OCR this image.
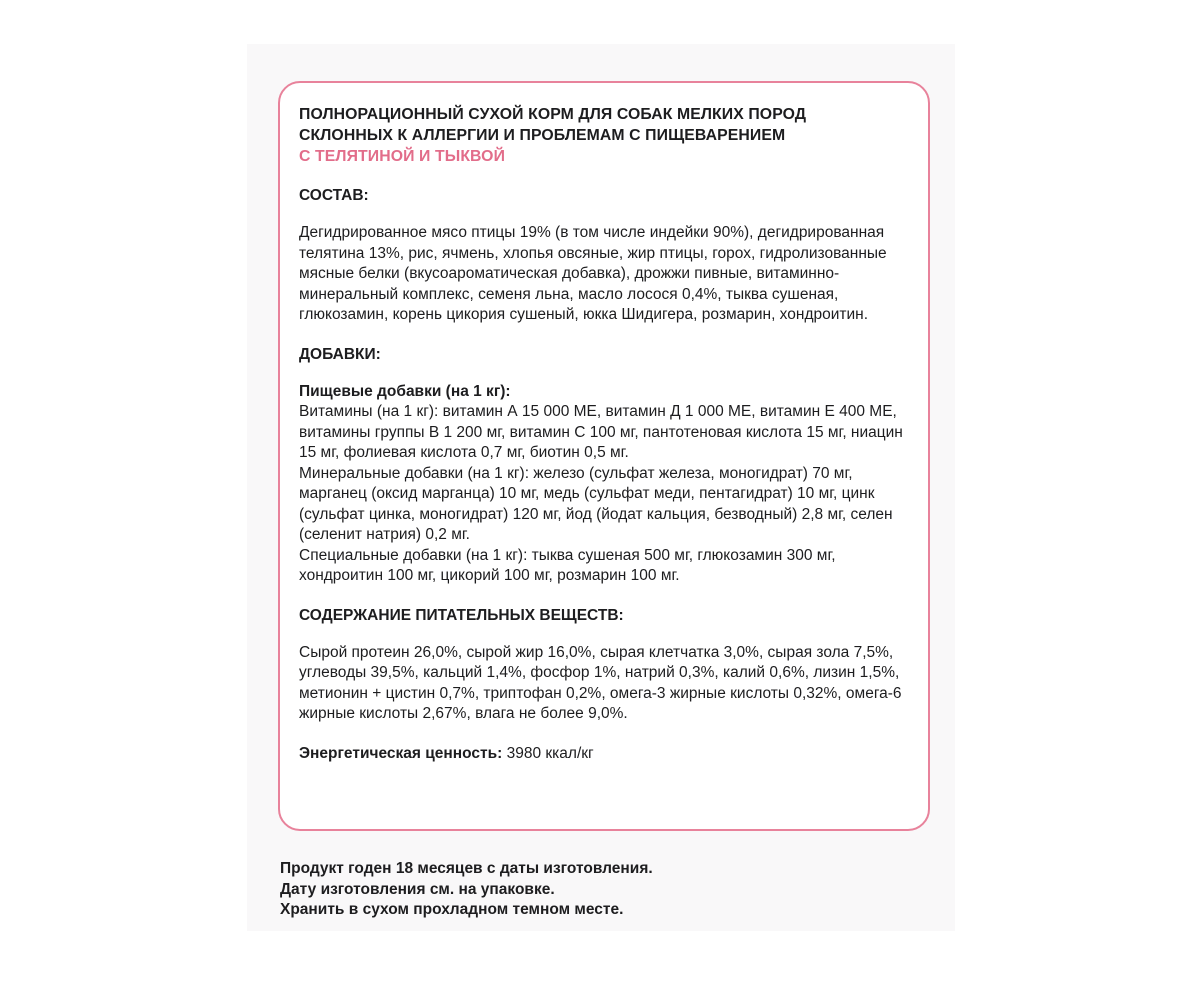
ПОЛНОРАЦИОННЫЙ СУХОЙ КОРМ ДЛЯ СОБАК МЕЛКИХ ПОРОД
СКЛОННЫХ К АЛЛЕРГИИ И ПРОБЛЕМАМ С ПИЩЕВАРЕНИЕМ
С ТЕЛЯТИНОЙ И ТЫКВОЙ

СОСТАВ:

Дегидрированное мясо птицы 19% (в том числе индейки 90%), дегидрированная телятина 13%, рис, ячмень, хлопья овсяные, жир птицы, горох, гидролизованные мясные белки (вкусоароматическая добавка), дрожжи пивные, витаминно-минеральный комплекс, семеня льна, масло лосося 0,4%, тыква сушеная, глюкозамин, корень цикория сушеный, юкка Шидигера, розмарин, хондроитин.

ДОБАВКИ:

Пищевые добавки (на 1 кг):

Витамины (на 1 кг): витамин А 15 000 МЕ, витамин Д 1 000 МЕ, витамин Е 400 МЕ, витамины группы В 1 200 мг, витамин С 100 мг, пантотеновая кислота 15 мг, ниацин 15 мг, фолиевая кислота 0,7 мг, биотин 0,5 мг.

Минеральные добавки (на 1 кг): железо (сульфат железа, моногидрат) 70 мг, марганец (оксид марганца) 10 мг, медь (сульфат меди, пентагидрат) 10 мг, цинк (сульфат цинка, моногидрат) 120 мг, йод (йодат кальция, безводный) 2,8 мг, селен (селенит натрия) 0,2 мг.

Специальные добавки (на 1 кг): тыква сушеная 500 мг, глюкозамин 300 мг, хондроитин 100 мг, цикорий 100 мг, розмарин 100 мг.

СОДЕРЖАНИЕ ПИТАТЕЛЬНЫХ ВЕЩЕСТВ:

Сырой протеин 26,0%, сырой жир 16,0%, сырая клетчатка 3,0%, сырая зола 7,5%, углеводы 39,5%, кальций 1,4%, фосфор 1%, натрий 0,3%, калий 0,6%, лизин 1,5%, метионин + цистин 0,7%, триптофан 0,2%, омега-3 жирные кислоты 0,32%, омега-6 жирные кислоты 2,67%, влага не более 9,0%.

Энергетическая ценность: 3980 ккал/кг

Продукт годен 18 месяцев с даты изготовления.
Дату изготовления см. на упаковке.
Хранить в сухом прохладном темном месте.
